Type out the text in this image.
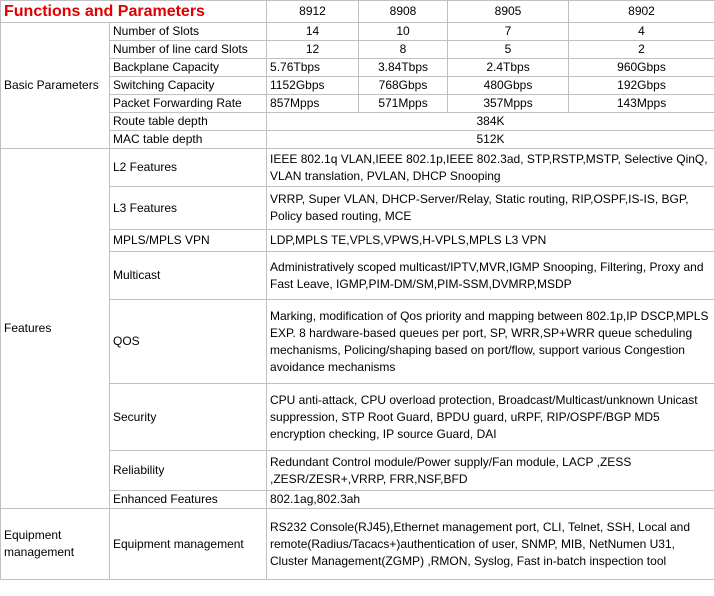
Functions and Parameters		8912	8908	8905	8902
Basic Parameters	Number of Slots	14	10	7	4
	Number of line card Slots	12	8	5	2
	Backplane Capacity	5.76Tbps	3.84Tbps	2.4Tbps	960Gbps
	Switching Capacity	1152Gbps	768Gbps	480Gbps	192Gbps
	Packet Forwarding Rate	857Mpps	571Mpps	357Mpps	143Mpps
	Route table depth	384K			
	MAC table depth	512K			
Features	L2 Features	IEEE 802.1q VLAN,IEEE 802.1p,IEEE 802.3ad, STP,RSTP,MSTP, Selective QinQ, VLAN translation, PVLAN, DHCP Snooping			
	L3 Features	VRRP, Super VLAN, DHCP-Server/Relay, Static routing, RIP,OSPF,IS-IS, BGP, Policy based routing, MCE			
	MPLS/MPLS VPN	LDP,MPLS TE,VPLS,VPWS,H-VPLS,MPLS L3 VPN			
	Multicast	Administratively scoped multicast/IPTV,MVR,IGMP Snooping, Filtering, Proxy and Fast Leave, IGMP,PIM-DM/SM,PIM-SSM,DVMRP,MSDP			
	QOS	Marking, modification of Qos priority and mapping between 802.1p,IP DSCP,MPLS EXP. 8 hardware-based queues per port, SP, WRR,SP+WRR queue scheduling mechanisms, Policing/shaping based on port/flow, support various Congestion avoidance mechanisms			
	Security	CPU anti-attack, CPU overload protection, Broadcast/Multicast/unknown Unicast suppression, STP Root Guard, BPDU guard, uRPF, RIP/OSPF/BGP MD5 encryption checking, IP source Guard, DAI			
	Reliability	Redundant Control module/Power supply/Fan module, LACP ,ZESS ,ZESR/ZESR+,VRRP, FRR,NSF,BFD			
	Enhanced Features	802.1ag,802.3ah			
Equipment management	Equipment management	RS232 Console(RJ45),Ethernet management port, CLI, Telnet, SSH, Local and remote(Radius/Tacacs+)authentication of user, SNMP, MIB, NetNumen U31, Cluster Management(ZGMP) ,RMON, Syslog, Fast in-batch inspection tool			
